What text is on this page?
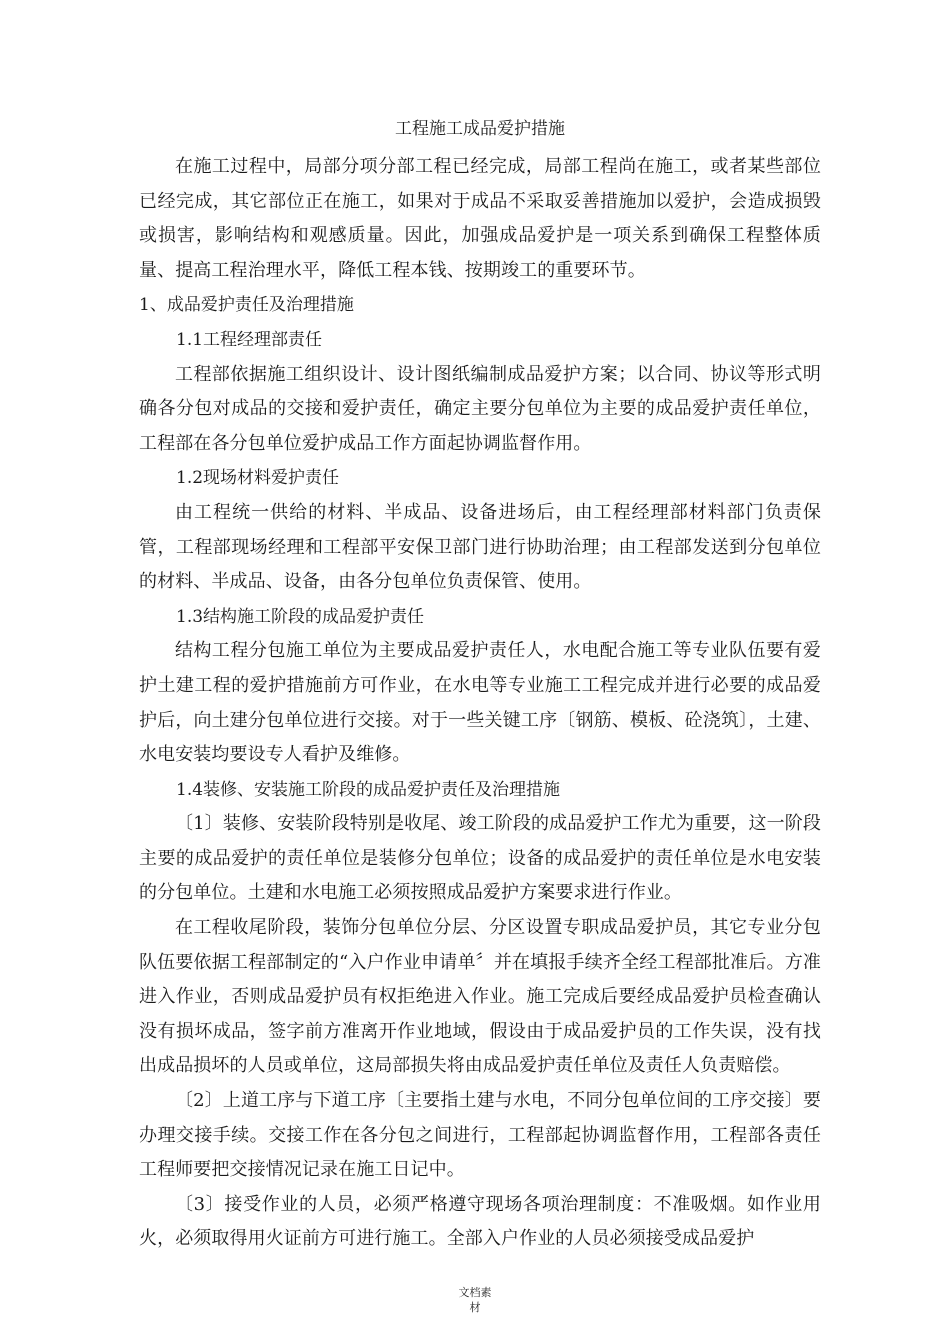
工程施工成品爱护措施

在施工过程中，局部分项分部工程已经完成，局部工程尚在施工，或者某些部位已经完成，其它部位正在施工，如果对于成品不采取妥善措施加以爱护，会造成损毁或损害，影响结构和观感质量。因此，加强成品爱护是一项关系到确保工程整体质量、提高工程治理水平，降低工程本钱、按期竣工的重要环节。

1、成品爱护责任及治理措施

1.1工程经理部责任

工程部依据施工组织设计、设计图纸编制成品爱护方案；以合同、协议等形式明确各分包对成品的交接和爱护责任，确定主要分包单位为主要的成品爱护责任单位，工程部在各分包单位爱护成品工作方面起协调监督作用。

1.2现场材料爱护责任

由工程统一供给的材料、半成品、设备进场后，由工程经理部材料部门负责保管，工程部现场经理和工程部平安保卫部门进行协助治理；由工程部发送到分包单位的材料、半成品、设备，由各分包单位负责保管、使用。

1.3结构施工阶段的成品爱护责任

结构工程分包施工单位为主要成品爱护责任人，水电配合施工等专业队伍要有爱护土建工程的爱护措施前方可作业，在水电等专业施工工程完成并进行必要的成品爱护后，向土建分包单位进行交接。对于一些关键工序〔钢筋、模板、砼浇筑〕，土建、水电安装均要设专人看护及维修。

1.4装修、安装施工阶段的成品爱护责任及治理措施

〔1〕装修、安装阶段特别是收尾、竣工阶段的成品爱护工作尤为重要，这一阶段主要的成品爱护的责任单位是装修分包单位；设备的成品爱护的责任单位是水电安装的分包单位。土建和水电施工必须按照成品爱护方案要求进行作业。

在工程收尾阶段，装饰分包单位分层、分区设置专职成品爱护员，其它专业分包队伍要依据工程部制定的“入户作业申请单〞并在填报手续齐全经工程部批准后。方准进入作业，否则成品爱护员有权拒绝进入作业。施工完成后要经成品爱护员检查确认没有损坏成品，签字前方准离开作业地域，假设由于成品爱护员的工作失误，没有找出成品损坏的人员或单位，这局部损失将由成品爱护责任单位及责任人负责赔偿。

〔2〕上道工序与下道工序〔主要指土建与水电，不同分包单位间的工序交接〕要办理交接手续。交接工作在各分包之间进行，工程部起协调监督作用，工程部各责任工程师要把交接情况记录在施工日记中。

〔3〕接受作业的人员，必须严格遵守现场各项治理制度：不准吸烟。如作业用火，必须取得用火证前方可进行施工。全部入户作业的人员必须接受成品爱护

文档素
材
